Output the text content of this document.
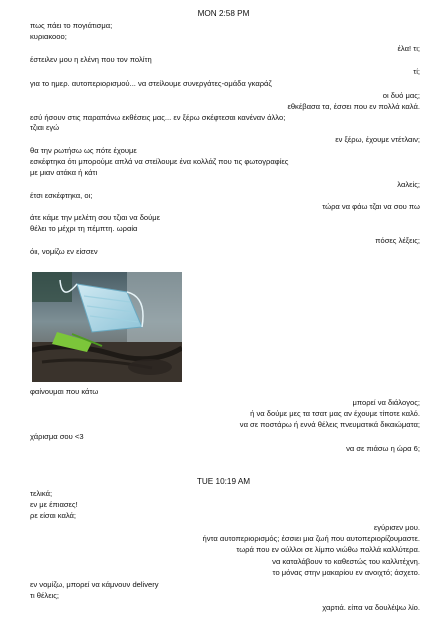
MON 2:58 PM
πως πάει το πογιάτισμα;
κυριακοοο;
έλα! τι;
έστειλεν μου η ελένη που τον πολίτη
τί;
για το ημερ. αυτοπεριορισμού... να στείλουμε συνεργάτες-ομάδα γκαράζ
οι δυό μας;
εθκέβασα τα, έσσει που εν πολλά καλά.
εσύ ήσουν στις παραπάνω εκθέσεις μας... εν ξέρω σκέφτεσαι κανέναν άλλο;
τζιαι εγώ
εν ξέρω, έχουμε ντέτλαιν;
θα την ρωτήσω ως πότε έχουμε
εσκέφτηκα ότι μπορούμε απλά να στείλουμε ένα κολλάζ που τις φωτογραφίες
με μιαν ατάκα ή κάτι
λαλείς;
έτσι εσκέφτηκα, οι;
τώρα να φάω τζαι να σου πω
άτε κάμε την μελέτη σου τζιαι να δούμε
θέλει το μέχρι τη πέμπτη. ωραία
πόσες λέξεις;
όιι, νομίζω εν είσσεν
φαίνουμαι που κάτω
μπορεί να διάλογος;
ή να δούμε μες τα τσατ μας αν έχουμε τίποτε καλό.
να σε ποστάρω ή εννά θέλεις πνευματικά δικαιώματα;
χάρισμα σου <3
να σε πιάσω η ώρα 6;
TUE 10:19 AM
τελικά;
εν με έπιασες!
ρε είσαι καλά;
εγύρισεν μου.
ήντα αυτοπεριορισμός; έσσιει μια ζωή που αυτοπεριορίζουμαστε.
τωρά που εν ούλλοι σε λίμπο νιώθω πολλά καλλύτερα.
να καταλάβουν το καθεστώς του καλλιτέχνη.
το μόνας στην μακαρίου εν ανοιχτό; άσχετο.
εν νομίζω, μπορεί να κάμνουν delivery
τι θέλεις;
χαρτιά. είπα να δουλέψω λίο.
